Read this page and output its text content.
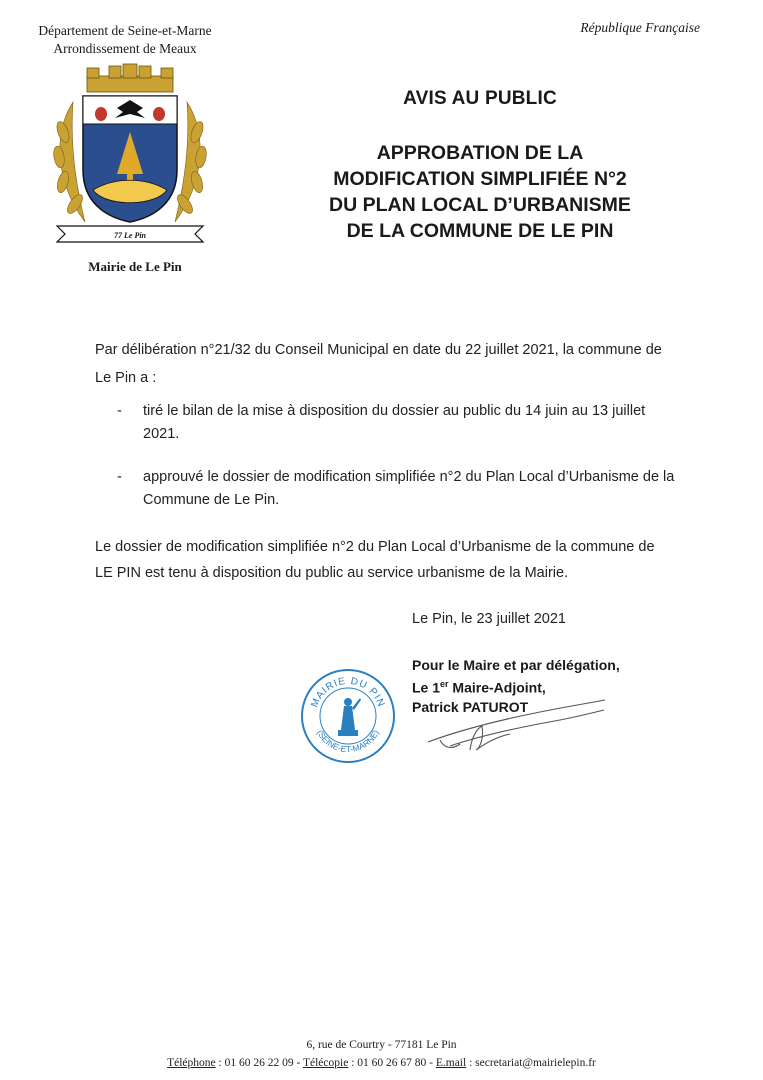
Département de Seine-et-Marne
Arrondissement de Meaux
République Française
77 Le Pin
Mairie de Le Pin
AVIS AU PUBLIC
APPROBATION DE LA
MODIFICATION SIMPLIFIÉE N°2
DU PLAN LOCAL D’URBANISME
DE LA COMMUNE DE LE PIN

Par délibération n°21/32 du Conseil Municipal en date du 22 juillet 2021, la commune de Le Pin a :

- tiré le bilan de la mise à disposition du dossier au public du 14 juin au 13 juillet 2021.
- approuvé le dossier de modification simplifiée n°2 du Plan Local d’Urbanisme de la Commune de Le Pin.
Le dossier de modification simplifiée n°2 du Plan Local d’Urbanisme de la commune de LE PIN est tenu à disposition du public au service urbanisme de la Mairie.
Le Pin, le 23 juillet 2021
Pour le Maire et par délégation,
Le 1er Maire-Adjoint,
Patrick PATUROT
MAIRIE DU PIN
(SEINE-ET-MARNE)
6, rue de Courtry - 77181 Le Pin
Téléphone : 01 60 26 22 09 - Télécopie : 01 60 26 67 80 - E.mail : secretariat@mairielepin.fr
